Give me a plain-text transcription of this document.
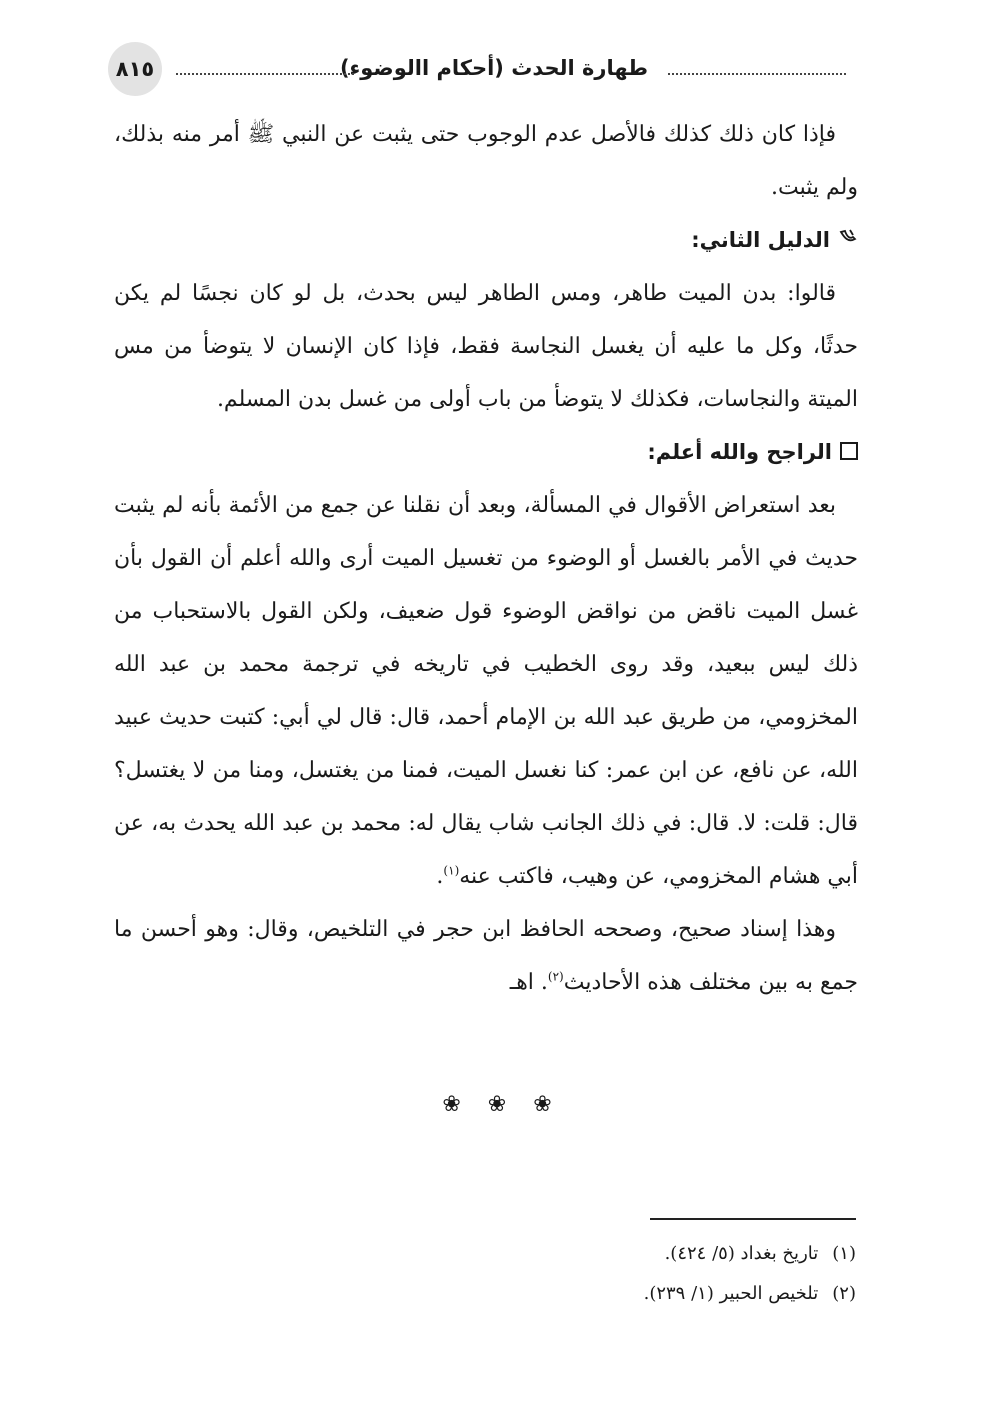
طهارة الحدث (أحكام االوضوء)
٨١٥

فإذا كان ذلك كذلك فالأصل عدم الوجوب حتى يثبت عن النبي ﷺ أمر منه بذلك، ولم يثبت.

الدليل الثاني:

قالوا: بدن الميت طاهر، ومس الطاهر ليس بحدث، بل لو كان نجسًا لم يكن حدثًا، وكل ما عليه أن يغسل النجاسة فقط، فإذا كان الإنسان لا يتوضأ من مس الميتة والنجاسات، فكذلك لا يتوضأ من باب أولى من غسل بدن المسلم.

الراجح والله أعلم:

بعد استعراض الأقوال في المسألة، وبعد أن نقلنا عن جمع من الأئمة بأنه لم يثبت حديث في الأمر بالغسل أو الوضوء من تغسيل الميت أرى والله أعلم أن القول بأن غسل الميت ناقض من نواقض الوضوء قول ضعيف، ولكن القول بالاستحباب من ذلك ليس ببعيد، وقد روى الخطيب في تاريخه في ترجمة محمد بن عبد الله المخزومي، من طريق عبد الله بن الإمام أحمد، قال: قال لي أبي: كتبت حديث عبيد الله، عن نافع، عن ابن عمر: كنا نغسل الميت، فمنا من يغتسل، ومنا من لا يغتسل؟ قال: قلت: لا. قال: في ذلك الجانب شاب يقال له: محمد بن عبد الله يحدث به، عن أبي هشام المخزومي، عن وهيب، فاكتب عنه$^{(١)}$.

وهذا إسناد صحيح، وصححه الحافظ ابن حجر في التلخيص، وقال: وهو أحسن ما جمع به بين مختلف هذه الأحاديث$^{(٢)}$. اهـ

❀ ❀ ❀

(١)تاريخ بغداد (٥/ ٤٢٤).

(٢)تلخيص الحبير (١/ ٢٣٩).
